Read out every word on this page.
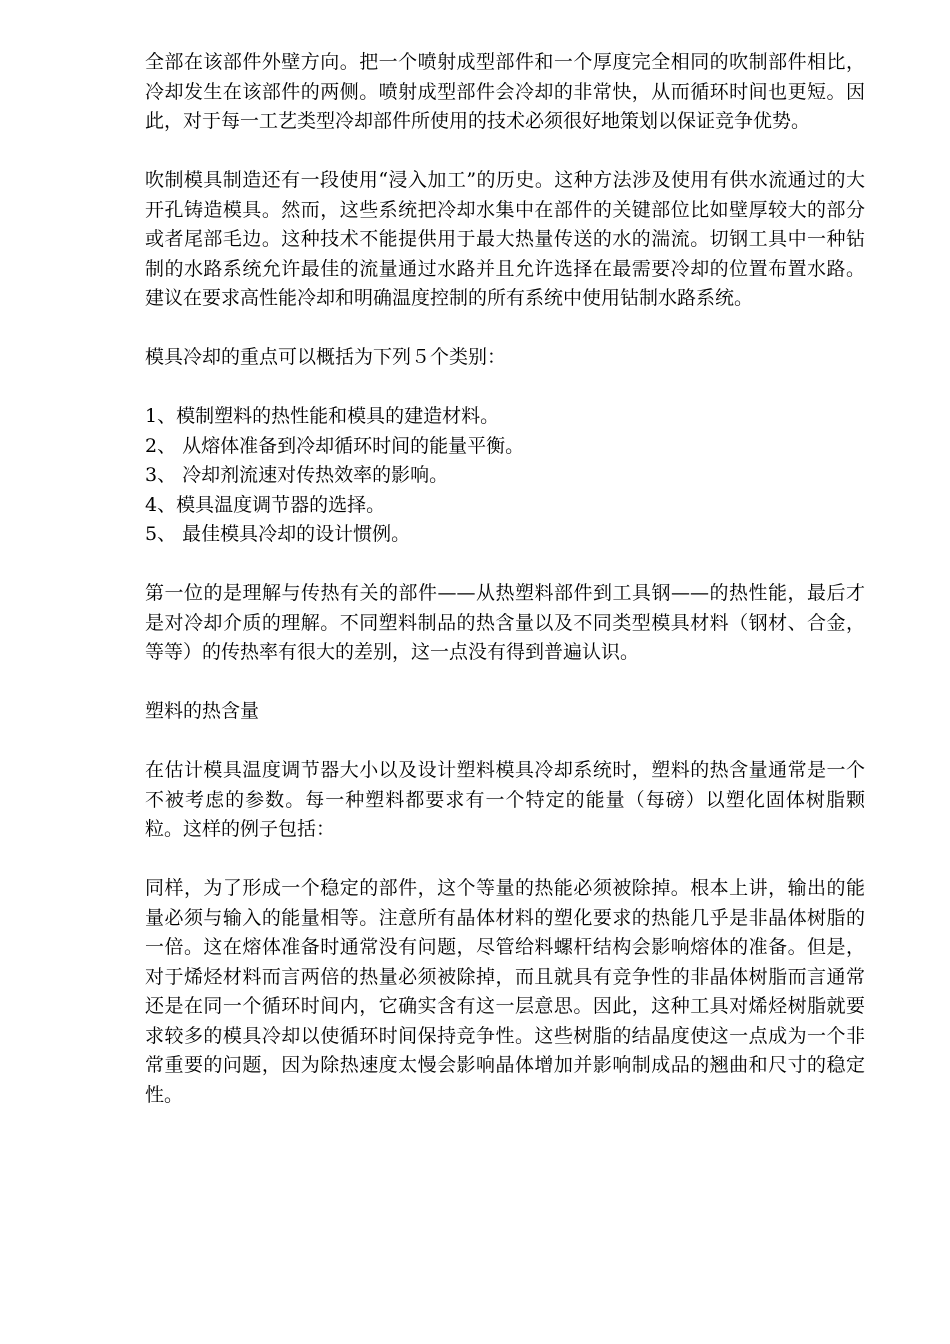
全部在该部件外壁方向。把一个喷射成型部件和一个厚度完全相同的吹制部件相比，冷却发生在该部件的两侧。喷射成型部件会冷却的非常快，从而循环时间也更短。因此，对于每一工艺类型冷却部件所使用的技术必须很好地策划以保证竞争优势。

吹制模具制造还有一段使用“浸入加工”的历史。这种方法涉及使用有供水流通过的大开孔铸造模具。然而，这些系统把冷却水集中在部件的关键部位比如壁厚较大的部分或者尾部毛边。这种技术不能提供用于最大热量传送的水的湍流。切钢工具中一种钻制的水路系统允许最佳的流量通过水路并且允许选择在最需要冷却的位置布置水路。建议在要求高性能冷却和明确温度控制的所有系统中使用钻制水路系统。

模具冷却的重点可以概括为下列５个类别：

1、模制塑料的热性能和模具的建造材料。
2、 从熔体准备到冷却循环时间的能量平衡。
3、 冷却剂流速对传热效率的影响。
4、模具温度调节器的选择。
5、 最佳模具冷却的设计惯例。

第一位的是理解与传热有关的部件——从热塑料部件到工具钢——的热性能，最后才是对冷却介质的理解。不同塑料制品的热含量以及不同类型模具材料（钢材、合金，等等）的传热率有很大的差别，这一点没有得到普遍认识。

塑料的热含量

在估计模具温度调节器大小以及设计塑料模具冷却系统时，塑料的热含量通常是一个不被考虑的参数。每一种塑料都要求有一个特定的能量（每磅）以塑化固体树脂颗粒。这样的例子包括：

同样，为了形成一个稳定的部件，这个等量的热能必须被除掉。根本上讲，输出的能量必须与输入的能量相等。注意所有晶体材料的塑化要求的热能几乎是非晶体树脂的一倍。这在熔体准备时通常没有问题，尽管给料螺杆结构会影响熔体的准备。但是，对于烯烃材料而言两倍的热量必须被除掉，而且就具有竞争性的非晶体树脂而言通常还是在同一个循环时间内，它确实含有这一层意思。因此，这种工具对烯烃树脂就要求较多的模具冷却以使循环时间保持竞争性。这些树脂的结晶度使这一点成为一个非常重要的问题，因为除热速度太慢会影响晶体增加并影响制成品的翘曲和尺寸的稳定性。
